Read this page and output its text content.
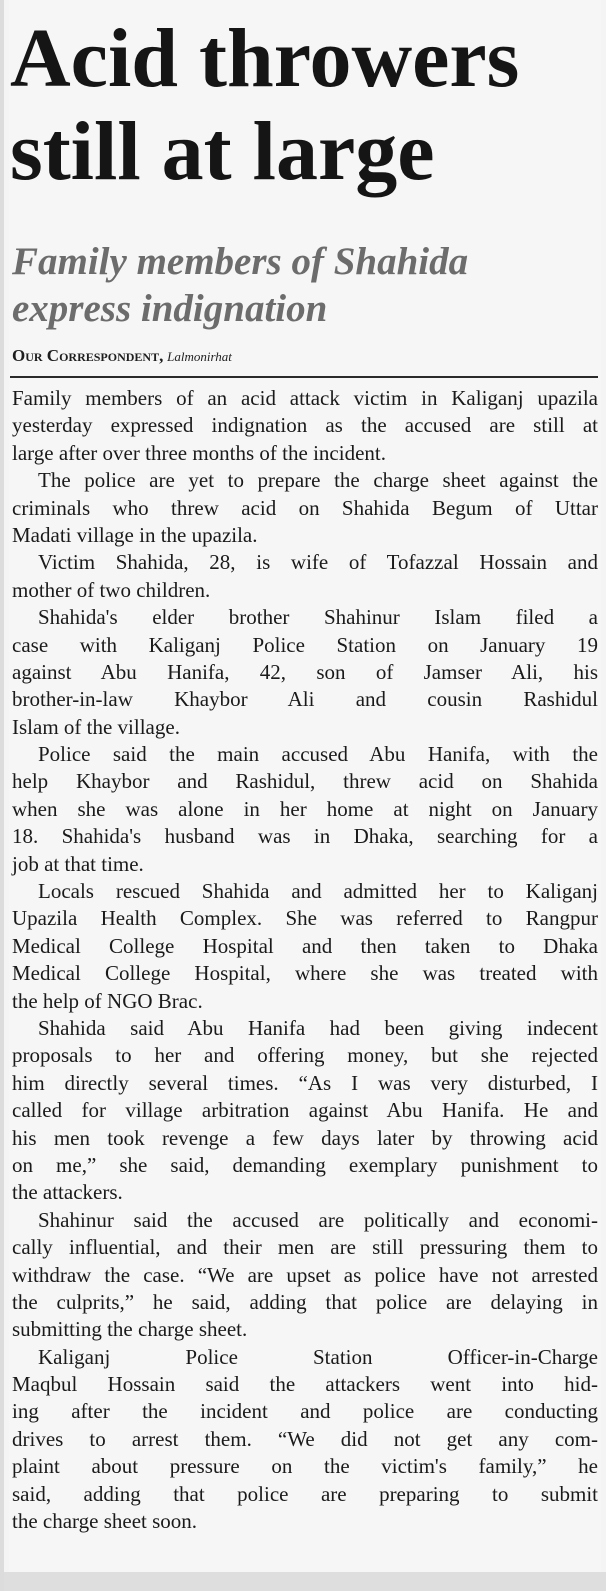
Acid throwers
still at large
Family members of Shahida
express indignation
Our Correspondent, Lalmonirhat
Family members of an acid attack victim in Kaliganj upazila
yesterday expressed indignation as the accused are still at
large after over three months of the incident.
The police are yet to prepare the charge sheet against the
criminals who threw acid on Shahida Begum of Uttar
Madati village in the upazila.
Victim Shahida, 28, is wife of Tofazzal Hossain and
mother of two children.
Shahida's elder brother Shahinur Islam filed a
case with Kaliganj Police Station on January 19
against Abu Hanifa, 42, son of Jamser Ali, his
brother-in-law Khaybor Ali and cousin Rashidul
Islam of the village.
Police said the main accused Abu Hanifa, with the
help Khaybor and Rashidul, threw acid on Shahida
when she was alone in her home at night on January
18. Shahida's husband was in Dhaka, searching for a
job at that time.
Locals rescued Shahida and admitted her to Kaliganj
Upazila Health Complex. She was referred to Rangpur
Medical College Hospital and then taken to Dhaka
Medical College Hospital, where she was treated with
the help of NGO Brac.
Shahida said Abu Hanifa had been giving indecent
proposals to her and offering money, but she rejected
him directly several times. “As I was very disturbed, I
called for village arbitration against Abu Hanifa. He and
his men took revenge a few days later by throwing acid
on me,” she said, demanding exemplary punishment to
the attackers.
Shahinur said the accused are politically and economi-
cally influential, and their men are still pressuring them to
withdraw the case. “We are upset as police have not arrested
the culprits,” he said, adding that police are delaying in
submitting the charge sheet.
Kaliganj Police Station Officer-in-Charge
Maqbul Hossain said the attackers went into hid-
ing after the incident and police are conducting
drives to arrest them. “We did not get any com-
plaint about pressure on the victim's family,” he
said, adding that police are preparing to submit
the charge sheet soon.
